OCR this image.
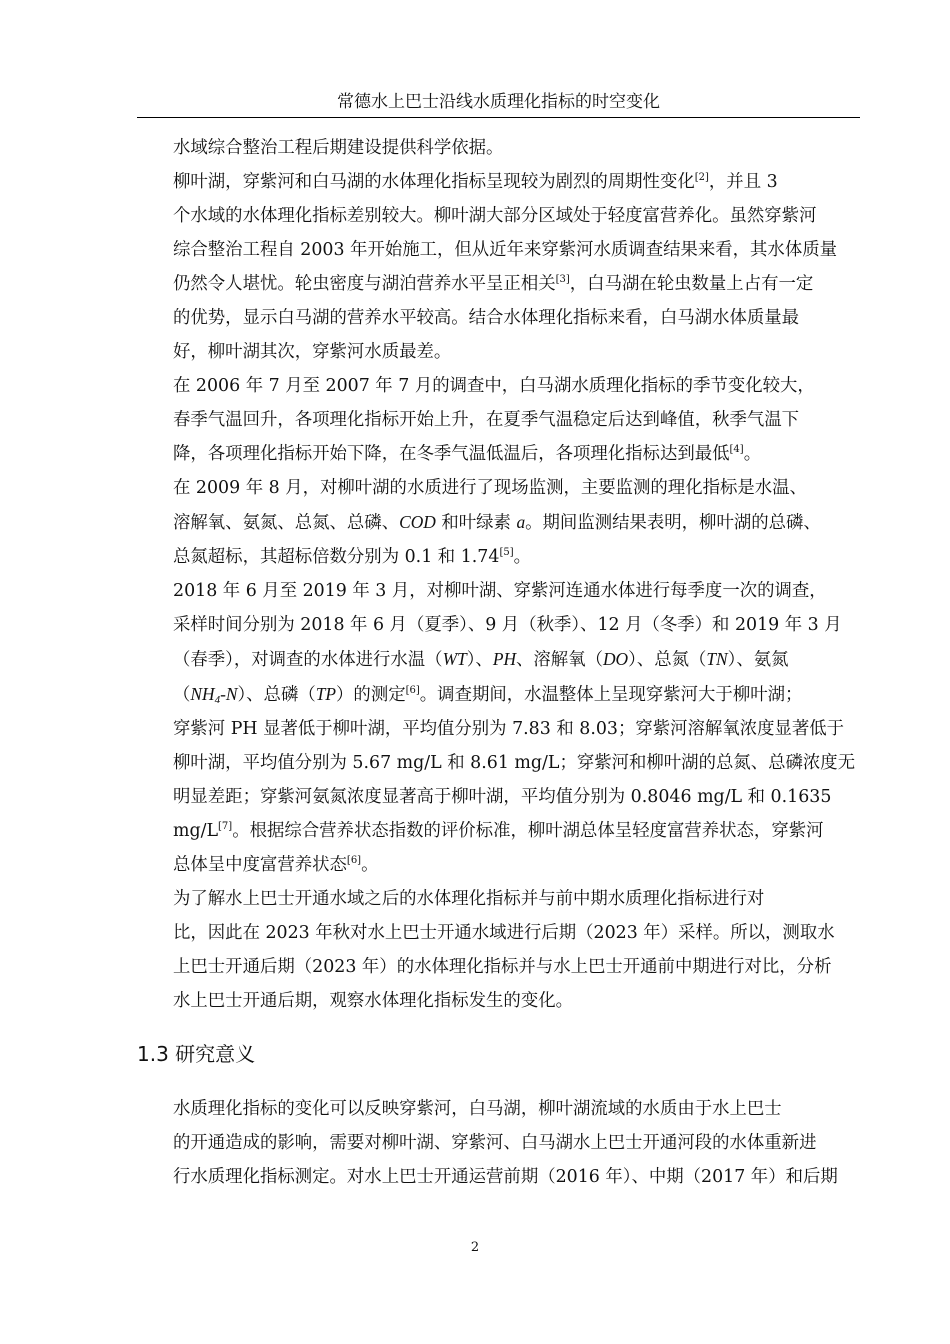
常德水上巴士沿线水质理化指标的时空变化

水域综合整治工程后期建设提供科学依据。

柳叶湖，穿紫河和白马湖的水体理化指标呈现较为剧烈的周期性变化[2]，并且 3
个水域的水体理化指标差别较大。柳叶湖大部分区域处于轻度富营养化。虽然穿紫河
综合整治工程自 2003 年开始施工，但从近年来穿紫河水质调查结果来看，其水体质量
仍然令人堪忧。轮虫密度与湖泊营养水平呈正相关[3]，白马湖在轮虫数量上占有一定
的优势，显示白马湖的营养水平较高。结合水体理化指标来看，白马湖水体质量最
好，柳叶湖其次，穿紫河水质最差。

在 2006 年 7 月至 2007 年 7 月的调查中，白马湖水质理化指标的季节变化较大，
春季气温回升，各项理化指标开始上升，在夏季气温稳定后达到峰值，秋季气温下
降，各项理化指标开始下降，在冬季气温低温后，各项理化指标达到最低[4]。

在 2009 年 8 月，对柳叶湖的水质进行了现场监测，主要监测的理化指标是水温、
溶解氧、氨氮、总氮、总磷、COD 和叶绿素 a。期间监测结果表明，柳叶湖的总磷、
总氮超标，其超标倍数分别为 0.1 和 1.74[5]。

2018 年 6 月至 2019 年 3 月，对柳叶湖、穿紫河连通水体进行每季度一次的调查，
采样时间分别为 2018 年 6 月（夏季）、9 月（秋季）、12 月（冬季）和 2019 年 3 月
（春季），对调查的水体进行水温（WT）、PH、溶解氧（DO）、总氮（TN）、氨氮
$(NH_4-N)$、总磷（TP）的测定[6]。调查期间，水温整体上呈现穿紫河大于柳叶湖；
穿紫河 PH 显著低于柳叶湖，平均值分别为 7.83 和 8.03；穿紫河溶解氧浓度显著低于
柳叶湖，平均值分别为 5.67 mg/L 和 8.61 mg/L；穿紫河和柳叶湖的总氮、总磷浓度无
明显差距；穿紫河氨氮浓度显著高于柳叶湖，平均值分别为 0.8046 mg/L 和 0.1635
mg/L[7]。根据综合营养状态指数的评价标准，柳叶湖总体呈轻度富营养状态，穿紫河
总体呈中度富营养状态[6]。

为了解水上巴士开通水域之后的水体理化指标并与前中期水质理化指标进行对
比，因此在 2023 年秋对水上巴士开通水域进行后期（2023 年）采样。所以，测取水
上巴士开通后期（2023 年）的水体理化指标并与水上巴士开通前中期进行对比，分析
水上巴士开通后期，观察水体理化指标发生的变化。

1.3 研究意义

水质理化指标的变化可以反映穿紫河，白马湖，柳叶湖流域的水质由于水上巴士
的开通造成的影响，需要对柳叶湖、穿紫河、白马湖水上巴士开通河段的水体重新进
行水质理化指标测定。对水上巴士开通运营前期（2016 年）、中期（2017 年）和后期

2
